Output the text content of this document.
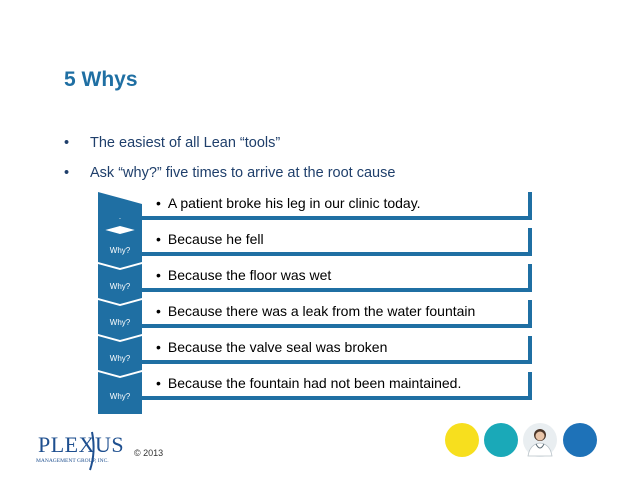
5 Whys
• The easiest of all Lean “tools”
• Ask “why?” five times to arrive at the root cause
.
• A patient broke his leg in our clinic today.
Why?
• Because he fell
Why?
• Because the floor was wet
Why?
• Because there was a leak from the water fountain
Why?
• Because the valve seal was broken
Why?
• Because the fountain had not been maintained.
PLEXUS
MANAGEMENT GROUP, INC.
© 2013
